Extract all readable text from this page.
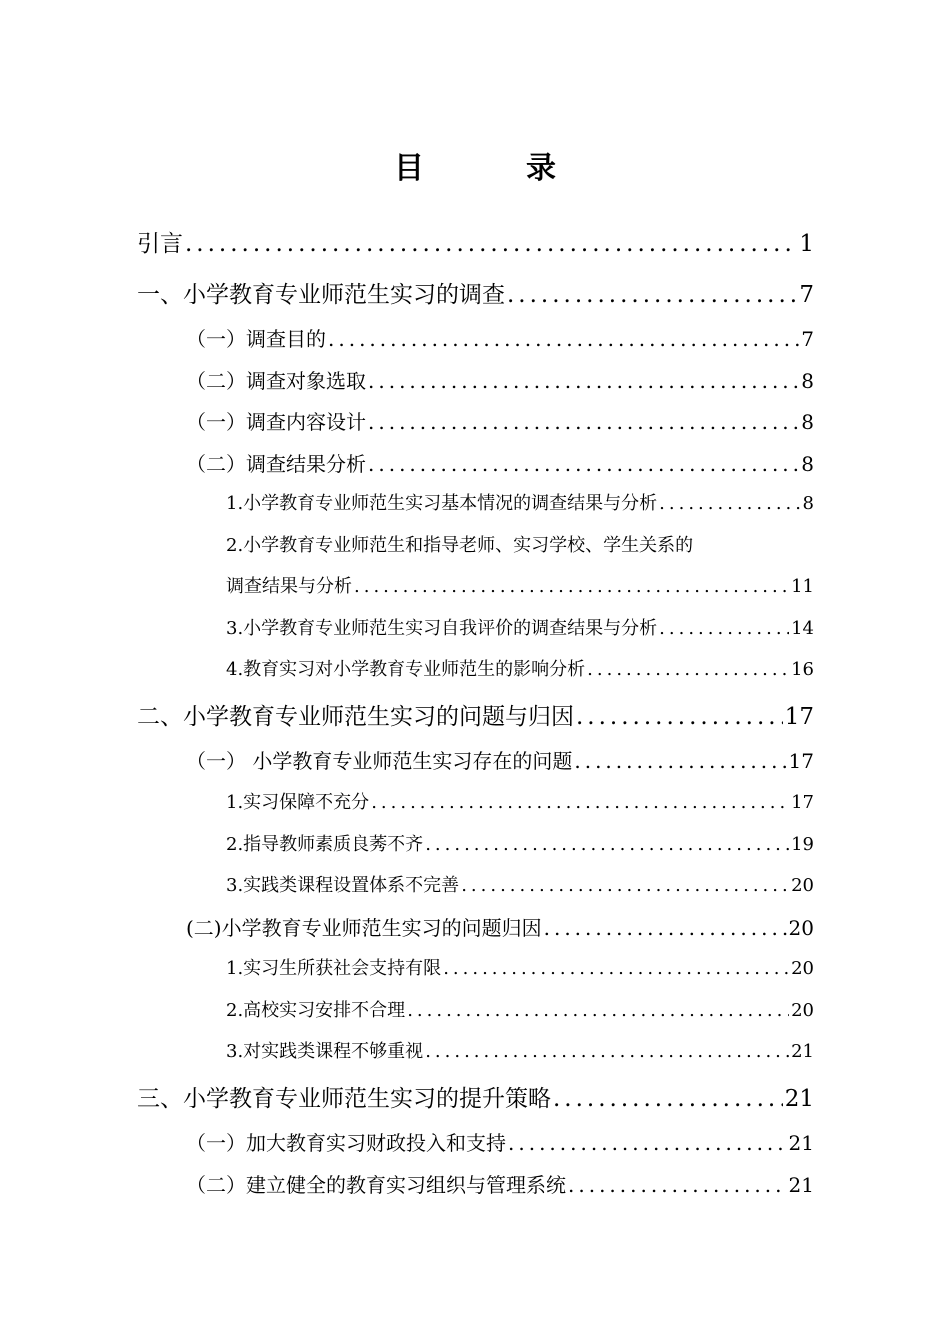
目　录
引言 .....	1
一、小学教育专业师范生实习的调查 .....	7
（一）调查目的 .....	7
（二）调查对象选取 .....	8
（一）调查内容设计 .....	8
（二）调查结果分析 .....	8
1.小学教育专业师范生实习基本情况的调查结果与分析 .....	8
2.小学教育专业师范生和指导老师、实习学校、学生关系的
调查结果与分析 .....	11
3.小学教育专业师范生实习自我评价的调查结果与分析 .....	14
4.教育实习对小学教育专业师范生的影响分析 .....	16
二、小学教育专业师范生实习的问题与归因 .....	17
（一） 小学教育专业师范生实习存在的问题 .....	17
1.实习保障不充分 .....	17
2.指导教师素质良莠不齐 .....	19
3.实践类课程设置体系不完善 .....	20
(二)小学教育专业师范生实习的问题归因 .....	20
1.实习生所获社会支持有限 .....	20
2.高校实习安排不合理 .....	20
3.对实践类课程不够重视 .....	21
三、小学教育专业师范生实习的提升策略 .....	21
（一）加大教育实习财政投入和支持 .....	21
（二）建立健全的教育实习组织与管理系统 .....	21
